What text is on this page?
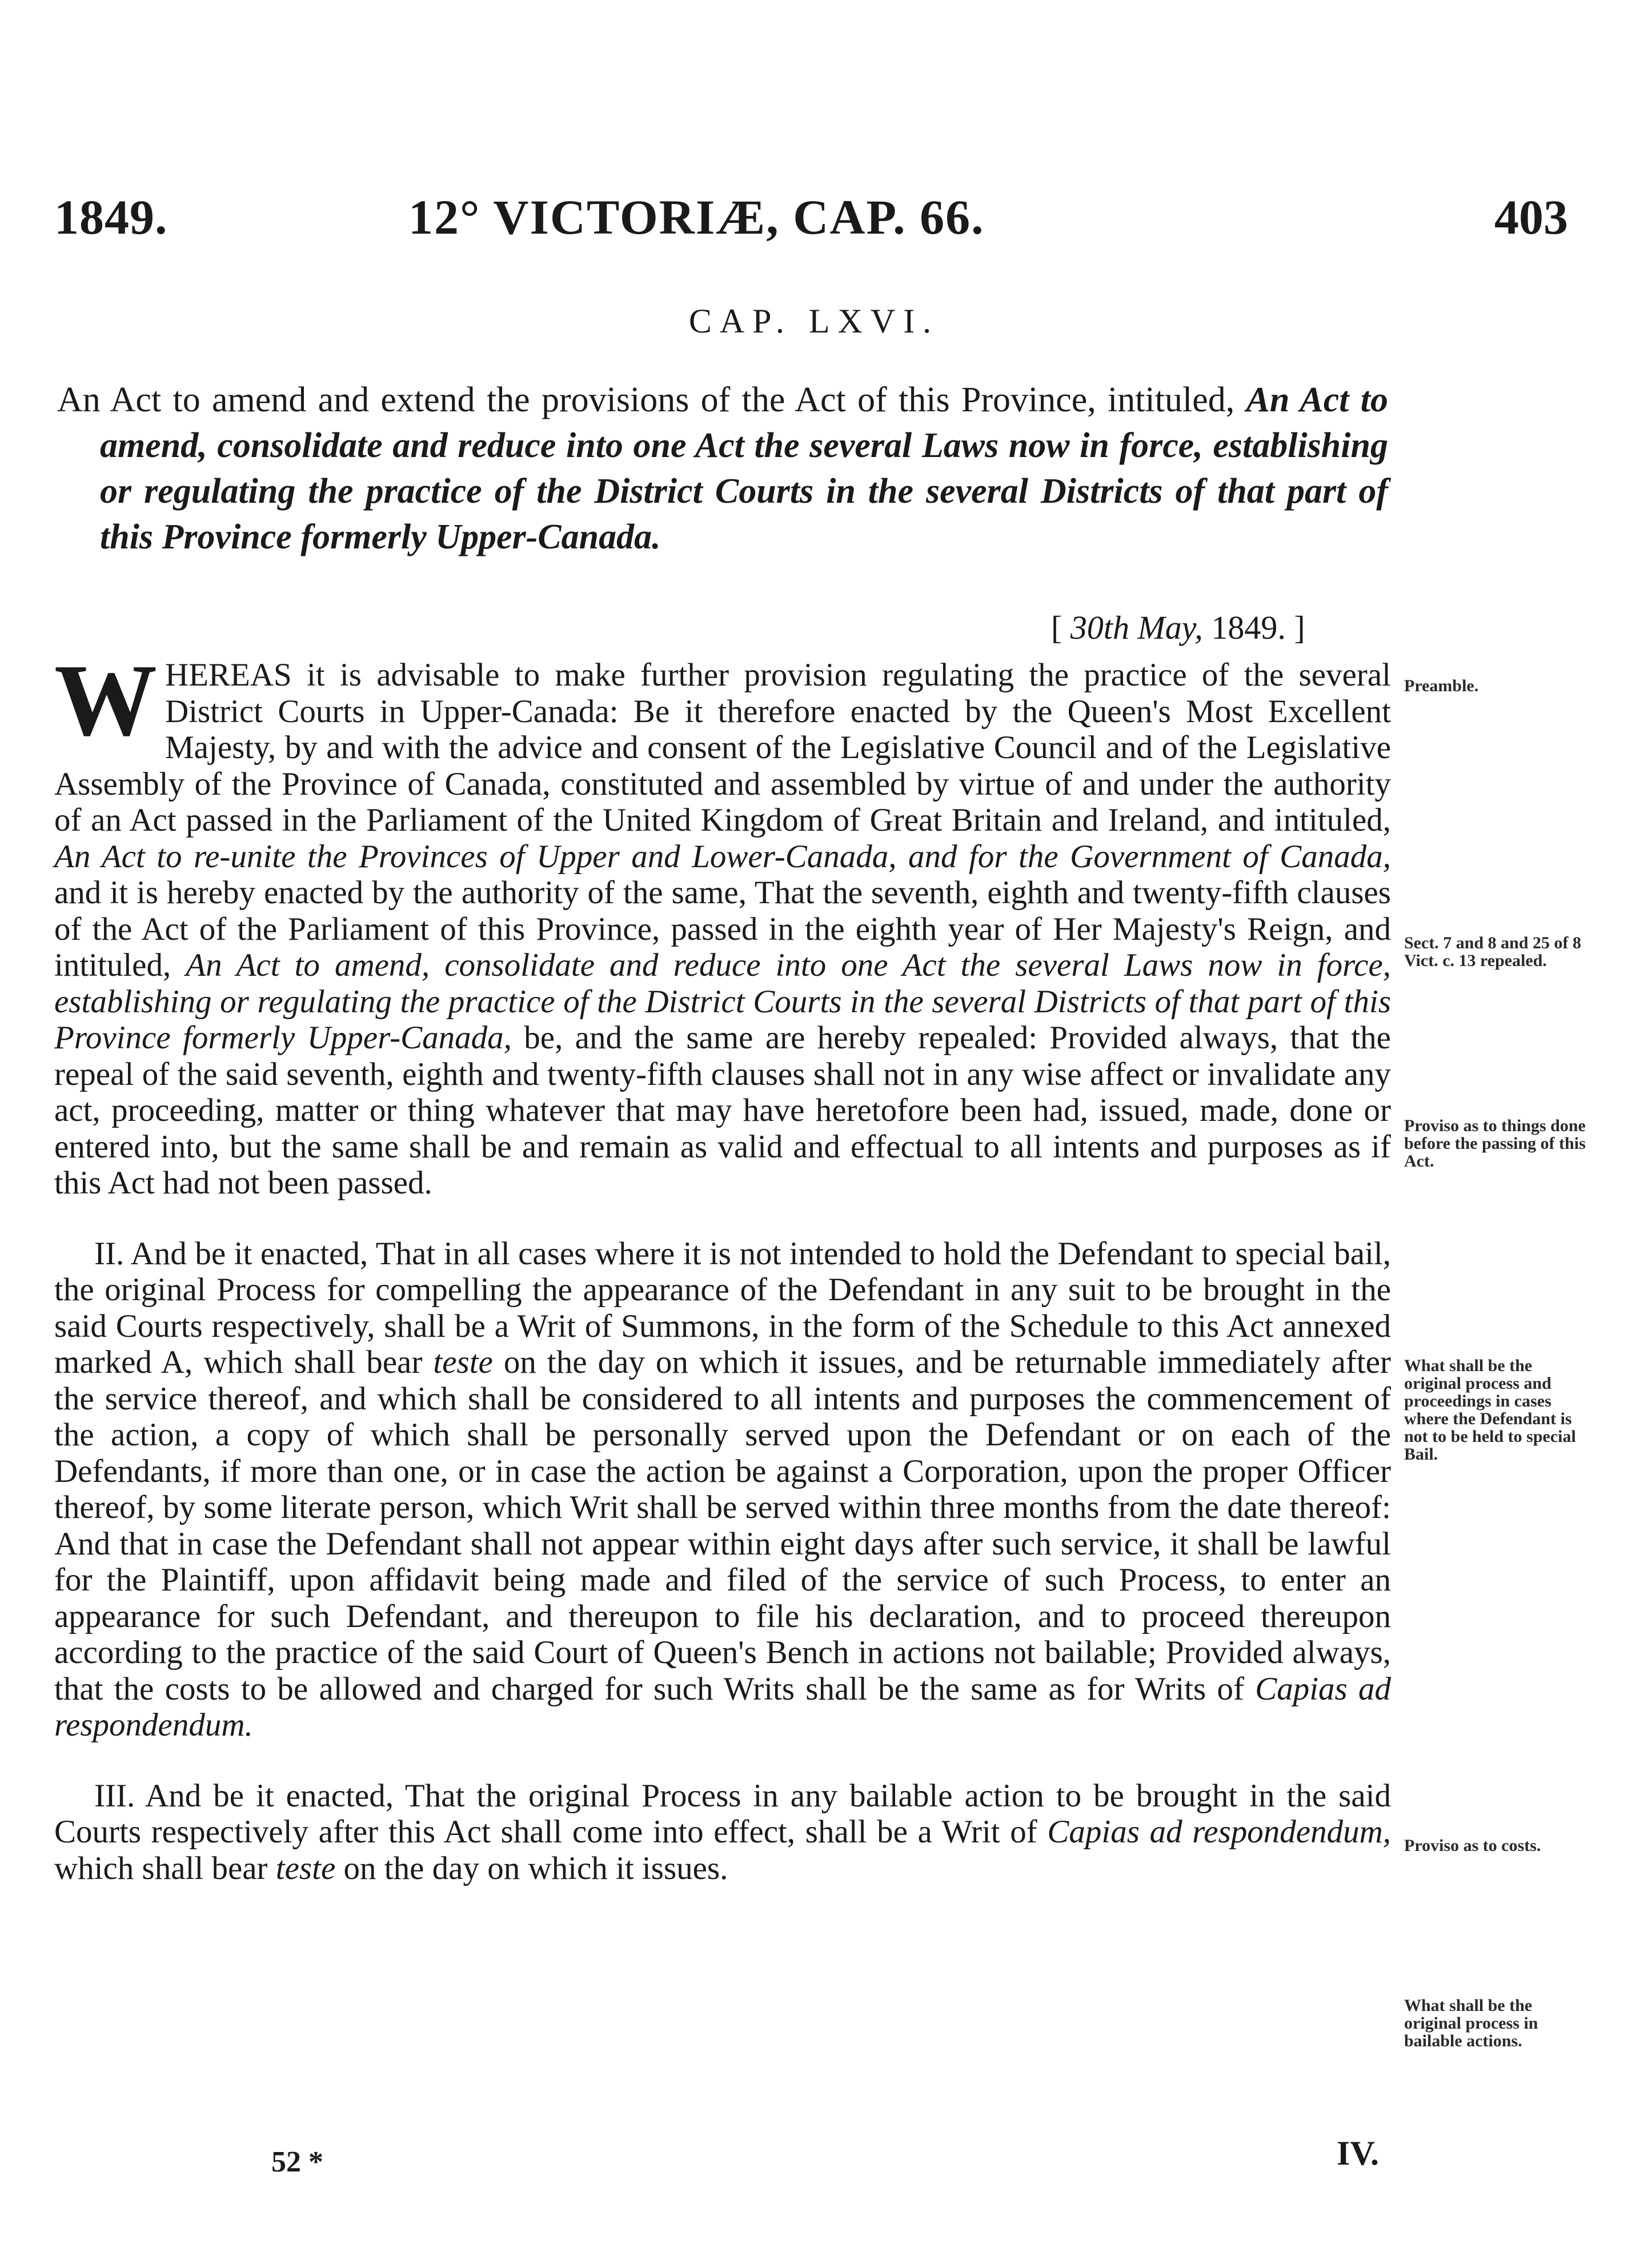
1849.	12° VICTORIÆ, CAP. 66.	403
CAP. LXVI.

An Act to amend and extend the provisions of the Act of this Province, intituled, An Act to amend, consolidate and reduce into one Act the several Laws now in force, establishing or regulating the practice of the District Courts in the several Districts of that part of this Province formerly Upper-Canada.

[ 30th May, 1849. ]

WHEREAS it is advisable to make further provision regulating the practice of the several District Courts in Upper-Canada: Be it therefore enacted by the Queen's Most Excellent Majesty, by and with the advice and consent of the Legislative Council and of the Legislative Assembly of the Province of Canada, constituted and assembled by virtue of and under the authority of an Act passed in the Parliament of the United Kingdom of Great Britain and Ireland, and intituled, An Act to re-unite the Provinces of Upper and Lower-Canada, and for the Government of Canada, and it is hereby enacted by the authority of the same, That the seventh, eighth and twenty-fifth clauses of the Act of the Parliament of this Province, passed in the eighth year of Her Majesty's Reign, and intituled, An Act to amend, consolidate and reduce into one Act the several Laws now in force, establishing or regulating the practice of the District Courts in the several Districts of that part of this Province formerly Upper-Canada, be, and the same are hereby repealed: Provided always, that the repeal of the said seventh, eighth and twenty-fifth clauses shall not in any wise affect or invalidate any act, proceeding, matter or thing whatever that may have heretofore been had, issued, made, done or entered into, but the same shall be and remain as valid and effectual to all intents and purposes as if this Act had not been passed.

II. And be it enacted, That in all cases where it is not intended to hold the Defendant to special bail, the original Process for compelling the appearance of the Defendant in any suit to be brought in the said Courts respectively, shall be a Writ of Summons, in the form of the Schedule to this Act annexed marked A, which shall bear teste on the day on which it issues, and be returnable immediately after the service thereof, and which shall be considered to all intents and purposes the commencement of the action, a copy of which shall be personally served upon the Defendant or on each of the Defendants, if more than one, or in case the action be against a Corporation, upon the proper Officer thereof, by some literate person, which Writ shall be served within three months from the date thereof: And that in case the Defendant shall not appear within eight days after such service, it shall be lawful for the Plaintiff, upon affidavit being made and filed of the service of such Process, to enter an appearance for such Defendant, and thereupon to file his declaration, and to proceed thereupon according to the practice of the said Court of Queen's Bench in actions not bailable; Provided always, that the costs to be allowed and charged for such Writs shall be the same as for Writs of Capias ad respondendum.

III. And be it enacted, That the original Process in any bailable action to be brought in the said Courts respectively after this Act shall come into effect, shall be a Writ of Capias ad respondendum, which shall bear teste on the day on which it issues.

Preamble.
Sect. 7 and 8 and 25 of 8 Vict. c. 13 repealed.
Proviso as to things done before the passing of this Act.
What shall be the original process and proceedings in cases where the Defendant is not to be held to special Bail.
Proviso as to costs.
What shall be the original process in bailable actions.
52 *	IV.
